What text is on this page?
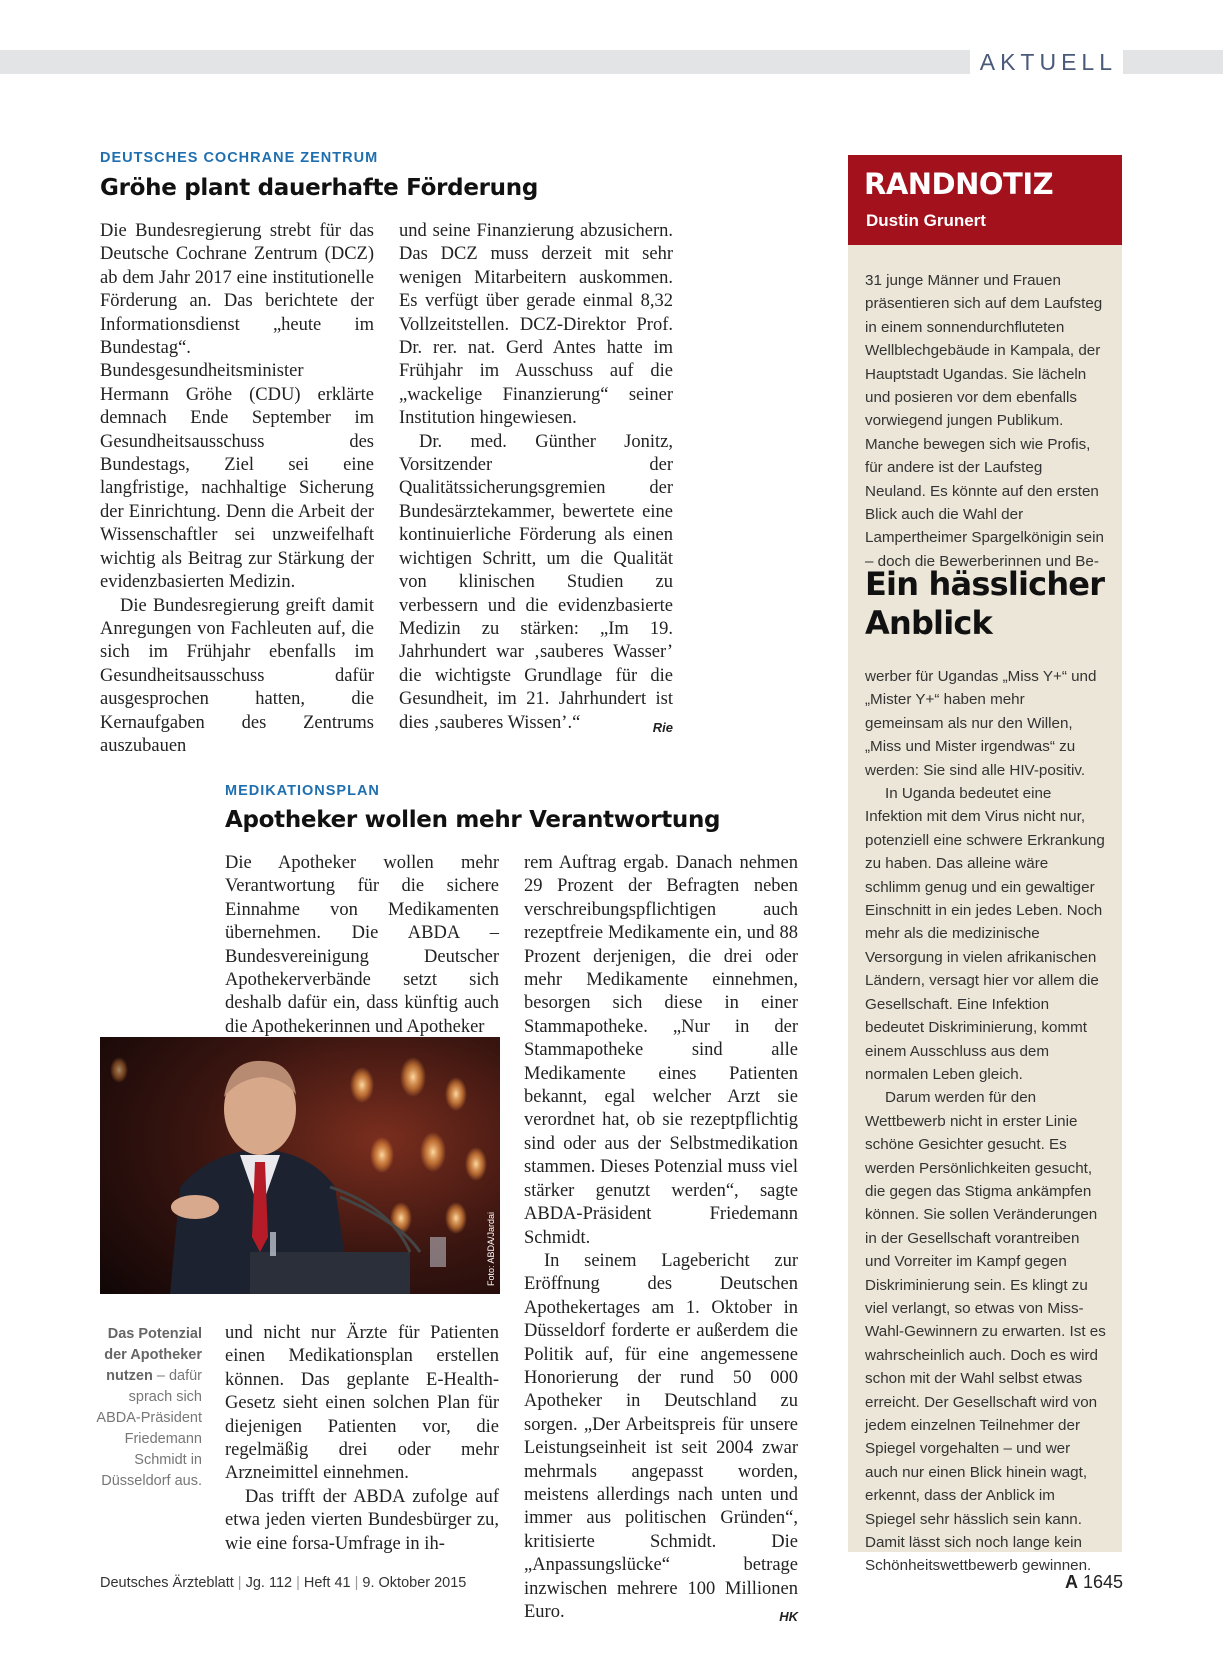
AKTUELL
DEUTSCHES COCHRANE ZENTRUM
Gröhe plant dauerhafte Förderung

Die Bundesregierung strebt für das Deutsche Cochrane Zentrum (DCZ) ab dem Jahr 2017 eine institutionelle Förderung an. Das berichtete der Informationsdienst „heute im Bundestag“. Bundesgesundheitsminister Hermann Gröhe (CDU) erklärte demnach Ende September im Gesundheitsausschuss des Bundestags, Ziel sei eine langfristige, nachhaltige Sicherung der Einrichtung. Denn die Arbeit der Wissenschaftler sei unzweifelhaft wichtig als Beitrag zur Stärkung der evidenzbasierten Medizin.

Die Bundesregierung greift damit Anregungen von Fachleuten auf, die sich im Frühjahr ebenfalls im Gesundheitsausschuss dafür ausgesprochen hatten, die Kernaufgaben des Zentrums auszubauen

und seine Finanzierung abzusichern. Das DCZ muss derzeit mit sehr wenigen Mitarbeitern auskommen. Es verfügt über gerade einmal 8,32 Vollzeitstellen. DCZ-Direktor Prof. Dr. rer. nat. Gerd Antes hatte im Frühjahr im Ausschuss auf die „wackelige Finanzierung“ seiner Institution hingewiesen.

Dr. med. Günther Jonitz, Vorsitzender der Qualitätssicherungsgremien der Bundesärztekammer, bewertete eine kontinuierliche Förderung als einen wichtigen Schritt, um die Qualität von klinischen Studien zu verbessern und die evidenzbasierte Medizin zu stärken: „Im 19. Jahrhundert war ‚sauberes Wasser’ die wichtigste Grundlage für die Gesundheit, im 21. Jahrhundert ist dies ‚sauberes Wissen’.“	Rie

MEDIKATIONSPLAN
Apotheker wollen mehr Verantwortung

Die Apotheker wollen mehr Verantwortung für die sichere Einnahme von Medikamenten übernehmen. Die ABDA – Bundesvereinigung Deutscher Apothekerverbände setzt sich deshalb dafür ein, dass künftig auch die Apothekerinnen und Apotheker

Foto: ABDA/Jardai
Das Potenzial der Apotheker nutzen – dafür sprach sich ABDA-Präsident Friedemann Schmidt in Düsseldorf aus.

und nicht nur Ärzte für Patienten einen Medikationsplan erstellen können. Das geplante E-Health-Gesetz sieht einen solchen Plan für diejenigen Patienten vor, die regelmäßig drei oder mehr Arzneimittel einnehmen.

Das trifft der ABDA zufolge auf etwa jeden vierten Bundesbürger zu, wie eine forsa-Umfrage in ih-

rem Auftrag ergab. Danach nehmen 29 Prozent der Befragten neben verschreibungspflichtigen auch rezeptfreie Medikamente ein, und 88 Prozent derjenigen, die drei oder mehr Medikamente einnehmen, besorgen sich diese in einer Stammapotheke. „Nur in der Stammapotheke sind alle Medikamente eines Patienten bekannt, egal welcher Arzt sie verordnet hat, ob sie rezeptpflichtig sind oder aus der Selbstmedikation stammen. Dieses Potenzial muss viel stärker genutzt werden“, sagte ABDA-Präsident Friedemann Schmidt.

In seinem Lagebericht zur Eröffnung des Deutschen Apothekertages am 1. Oktober in Düsseldorf forderte er außerdem die Politik auf, für eine angemessene Honorierung der rund 50 000 Apotheker in Deutschland zu sorgen. „Der Arbeitspreis für unsere Leistungseinheit ist seit 2004 zwar mehrmals angepasst worden, meistens allerdings nach unten und immer aus politischen Gründen“, kritisierte Schmidt. Die „Anpassungslücke“ betrage inzwischen mehrere 100 Millionen Euro.	HK

RANDNOTIZ
Dustin Grunert

31 junge Männer und Frauen präsentieren sich auf dem Laufsteg in einem sonnendurchfluteten Wellblechgebäude in Kampala, der Hauptstadt Ugandas. Sie lächeln und posieren vor dem ebenfalls vorwiegend jungen Publikum. Manche bewegen sich wie Profis, für andere ist der Laufsteg Neuland. Es könnte auf den ersten Blick auch die Wahl der Lampertheimer Spargelkönigin sein – doch die Bewerberinnen und Be-

Ein hässlicher Anblick

werber für Ugandas „Miss Y+“ und „Mister Y+“ haben mehr gemeinsam als nur den Willen, „Miss und Mister irgendwas“ zu werden: Sie sind alle HIV-positiv.

In Uganda bedeutet eine Infektion mit dem Virus nicht nur, potenziell eine schwere Erkrankung zu haben. Das alleine wäre schlimm genug und ein gewaltiger Einschnitt in ein jedes Leben. Noch mehr als die medizinische Versorgung in vielen afrikanischen Ländern, versagt hier vor allem die Gesellschaft. Eine Infektion bedeutet Diskriminierung, kommt einem Ausschluss aus dem normalen Leben gleich.

Darum werden für den Wettbewerb nicht in erster Linie schöne Gesichter gesucht. Es werden Persönlichkeiten gesucht, die gegen das Stigma ankämpfen können. Sie sollen Veränderungen in der Gesellschaft vorantreiben und Vorreiter im Kampf gegen Diskriminierung sein. Es klingt zu viel verlangt, so etwas von Miss-Wahl-Gewinnern zu erwarten. Ist es wahrscheinlich auch. Doch es wird schon mit der Wahl selbst etwas erreicht. Der Gesellschaft wird von jedem einzelnen Teilnehmer der Spiegel vorgehalten – und wer auch nur einen Blick hinein wagt, erkennt, dass der Anblick im Spiegel sehr hässlich sein kann. Damit lässt sich noch lange kein Schönheitswettbewerb gewinnen.

Deutsches Ärzteblatt | Jg. 112 | Heft 41 | 9. Oktober 2015	A 1645
